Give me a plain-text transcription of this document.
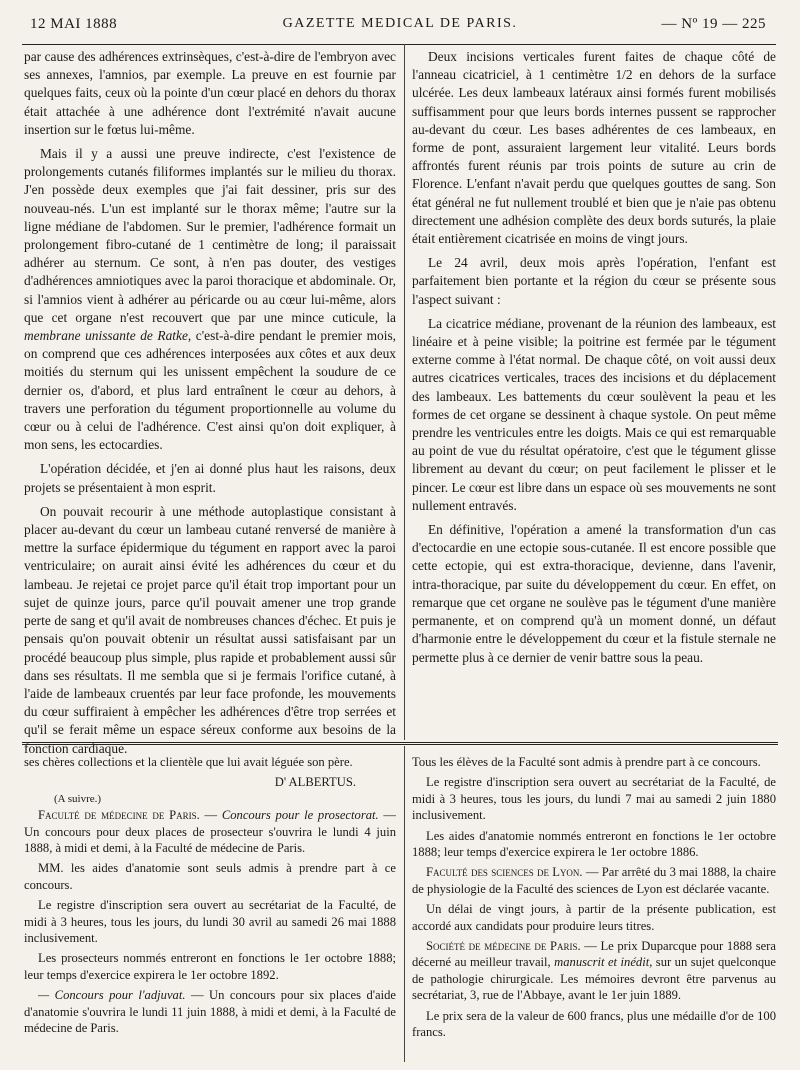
12 MAI 1888	GAZETTE MEDICAL DE PARIS.	— Nº 19 — 225

par cause des adhérences extrinsèques, c'est-à-dire de l'embryon avec ses annexes, l'amnios, par exemple. La preuve en est fournie par quelques faits, ceux où la pointe d'un cœur placé en dehors du thorax était attachée à une adhérence dont l'extrémité n'avait aucune insertion sur le fœtus lui-même.

Mais il y a aussi une preuve indirecte, c'est l'existence de prolongements cutanés filiformes implantés sur le milieu du thorax. J'en possède deux exemples que j'ai fait dessiner, pris sur des nouveau-nés. L'un est implanté sur le thorax même; l'autre sur la ligne médiane de l'abdomen. Sur le premier, l'adhérence formait un prolongement fibro-cutané de 1 centimètre de long; il paraissait adhérer au sternum. Ce sont, à n'en pas douter, des vestiges d'adhérences amniotiques avec la paroi thoracique et abdominale. Or, si l'amnios vient à adhérer au péricarde ou au cœur lui-même, alors que cet organe n'est recouvert que par une mince cuticule, la membrane unissante de Ratke, c'est-à-dire pendant le premier mois, on comprend que ces adhérences interposées aux côtes et aux deux moitiés du sternum qui les unissent empêchent la soudure de ce dernier os, d'abord, et plus lard entraînent le cœur au dehors, à travers une perforation du tégument proportionnelle au volume du cœur ou à celui de l'adhérence. C'est ainsi qu'on doit expliquer, à mon sens, les ectocardies.

L'opération décidée, et j'en ai donné plus haut les raisons, deux projets se présentaient à mon esprit.

On pouvait recourir à une méthode autoplastique consistant à placer au-devant du cœur un lambeau cutané renversé de manière à mettre la surface épidermique du tégument en rapport avec la paroi ventriculaire; on aurait ainsi évité les adhérences du cœur et du lambeau. Je rejetai ce projet parce qu'il était trop important pour un sujet de quinze jours, parce qu'il pouvait amener une trop grande perte de sang et qu'il avait de nombreuses chances d'échec. Et puis je pensais qu'on pouvait obtenir un résultat aussi satisfaisant par un procédé beaucoup plus simple, plus rapide et probablement aussi sûr dans ses résultats. Il me sembla que si je fermais l'orifice cutané, à l'aide de lambeaux cruentés par leur face profonde, les mouvements du cœur suffiraient à empêcher les adhérences d'être trop serrées et qu'il se ferait même un espace séreux conforme aux besoins de la fonction cardiaque.

Deux incisions verticales furent faites de chaque côté de l'anneau cicatriciel, à 1 centimètre 1/2 en dehors de la surface ulcérée. Les deux lambeaux latéraux ainsi formés furent mobilisés suffisamment pour que leurs bords internes pussent se rapprocher au-devant du cœur. Les bases adhérentes de ces lambeaux, en forme de pont, assuraient largement leur vitalité. Leurs bords affrontés furent réunis par trois points de suture au crin de Florence. L'enfant n'avait perdu que quelques gouttes de sang. Son état général ne fut nullement troublé et bien que je n'aie pas obtenu directement une adhésion complète des deux bords suturés, la plaie était entièrement cicatrisée en moins de vingt jours.

Le 24 avril, deux mois après l'opération, l'enfant est parfaitement bien portante et la région du cœur se présente sous l'aspect suivant :

La cicatrice médiane, provenant de la réunion des lambeaux, est linéaire et à peine visible; la poitrine est fermée par le tégument externe comme à l'état normal. De chaque côté, on voit aussi deux autres cicatrices verticales, traces des incisions et du déplacement des lambeaux. Les battements du cœur soulèvent la peau et les formes de cet organe se dessinent à chaque systole. On peut même prendre les ventricules entre les doigts. Mais ce qui est remarquable au point de vue du résultat opératoire, c'est que le tégument glisse librement au devant du cœur; on peut facilement le plisser et le pincer. Le cœur est libre dans un espace où ses mouvements ne sont nullement entravés.

En définitive, l'opération a amené la transformation d'un cas d'ectocardie en une ectopie sous-cutanée. Il est encore possible que cette ectopie, qui est extra-thoracique, devienne, dans l'avenir, intra-thoracique, par suite du développement du cœur. En effet, on remarque que cet organe ne soulève pas le tégument d'une manière permanente, et on comprend qu'à un moment donné, un défaut d'harmonie entre le développement du cœur et la fistule sternale ne permette plus à ce dernier de venir battre sous la peau.

ses chères collections et la clientèle que lui avait léguée son père.

D' ALBERTUS.
(A suivre.)

Faculté de médecine de Paris. — Concours pour le prosectorat. — Un concours pour deux places de prosecteur s'ouvrira le lundi 4 juin 1888, à midi et demi, à la Faculté de médecine de Paris.

MM. les aides d'anatomie sont seuls admis à prendre part à ce concours.

Le registre d'inscription sera ouvert au secrétariat de la Faculté, de midi à 3 heures, tous les jours, du lundi 30 avril au samedi 26 mai 1888 inclusivement.

Les prosecteurs nommés entreront en fonctions le 1er octobre 1888; leur temps d'exercice expirera le 1er octobre 1892.

— Concours pour l'adjuvat. — Un concours pour six places d'aide d'anatomie s'ouvrira le lundi 11 juin 1888, à midi et demi, à la Faculté de médecine de Paris.

Tous les élèves de la Faculté sont admis à prendre part à ce concours.

Le registre d'inscription sera ouvert au secrétariat de la Faculté, de midi à 3 heures, tous les jours, du lundi 7 mai au samedi 2 juin 1880 inclusivement.

Les aides d'anatomie nommés entreront en fonctions le 1er octobre 1888; leur temps d'exercice expirera le 1er octobre 1886.

Faculté des sciences de Lyon. — Par arrêté du 3 mai 1888, la chaire de physiologie de la Faculté des sciences de Lyon est déclarée vacante.

Un délai de vingt jours, à partir de la présente publication, est accordé aux candidats pour produire leurs titres.

Société de médecine de Paris. — Le prix Duparcque pour 1888 sera décerné au meilleur travail, manuscrit et inédit, sur un sujet quelconque de pathologie chirurgicale. Les mémoires devront être parvenus au secrétariat, 3, rue de l'Abbaye, avant le 1er juin 1889.

Le prix sera de la valeur de 600 francs, plus une médaille d'or de 100 francs.
